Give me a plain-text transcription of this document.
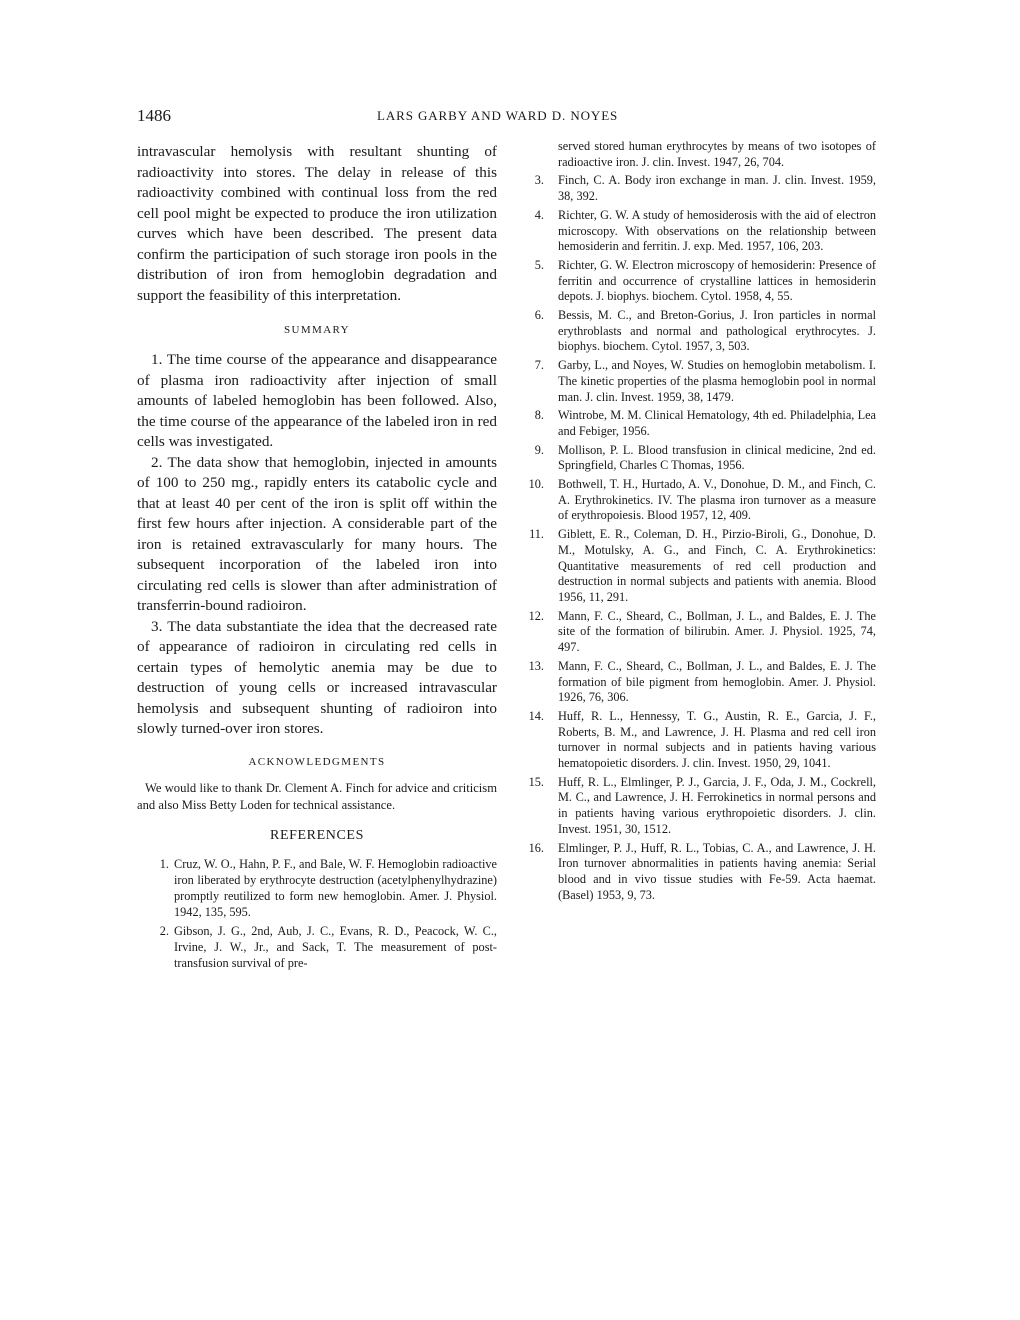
1486	LARS GARBY AND WARD D. NOYES

intravascular hemolysis with resultant shunting of radioactivity into stores. The delay in release of this radioactivity combined with continual loss from the red cell pool might be expected to produce the iron utilization curves which have been described. The present data confirm the participation of such storage iron pools in the distribution of iron from hemoglobin degradation and support the feasibility of this interpretation.

SUMMARY

1. The time course of the appearance and disappearance of plasma iron radioactivity after injection of small amounts of labeled hemoglobin has been followed. Also, the time course of the appearance of the labeled iron in red cells was investigated.

2. The data show that hemoglobin, injected in amounts of 100 to 250 mg., rapidly enters its catabolic cycle and that at least 40 per cent of the iron is split off within the first few hours after injection. A considerable part of the iron is retained extravascularly for many hours. The subsequent incorporation of the labeled iron into circulating red cells is slower than after administration of transferrin-bound radioiron.

3. The data substantiate the idea that the decreased rate of appearance of radioiron in circulating red cells in certain types of hemolytic anemia may be due to destruction of young cells or increased intravascular hemolysis and subsequent shunting of radioiron into slowly turned-over iron stores.

ACKNOWLEDGMENTS

We would like to thank Dr. Clement A. Finch for advice and criticism and also Miss Betty Loden for technical assistance.

REFERENCES

1. Cruz, W. O., Hahn, P. F., and Bale, W. F. Hemoglobin radioactive iron liberated by erythrocyte destruction (acetylphenylhydrazine) promptly reutilized to form new hemoglobin. Amer. J. Physiol. 1942, 135, 595.
2. Gibson, J. G., 2nd, Aub, J. C., Evans, R. D., Peacock, W. C., Irvine, J. W., Jr., and Sack, T. The measurement of post-transfusion survival of pre-

served stored human erythrocytes by means of two isotopes of radioactive iron. J. clin. Invest. 1947, 26, 704.

3. Finch, C. A. Body iron exchange in man. J. clin. Invest. 1959, 38, 392.
4. Richter, G. W. A study of hemosiderosis with the aid of electron microscopy. With observations on the relationship between hemosiderin and ferritin. J. exp. Med. 1957, 106, 203.
5. Richter, G. W. Electron microscopy of hemosiderin: Presence of ferritin and occurrence of crystalline lattices in hemosiderin depots. J. biophys. biochem. Cytol. 1958, 4, 55.
6. Bessis, M. C., and Breton-Gorius, J. Iron particles in normal erythroblasts and normal and pathological erythrocytes. J. biophys. biochem. Cytol. 1957, 3, 503.
7. Garby, L., and Noyes, W. Studies on hemoglobin metabolism. I. The kinetic properties of the plasma hemoglobin pool in normal man. J. clin. Invest. 1959, 38, 1479.
8. Wintrobe, M. M. Clinical Hematology, 4th ed. Philadelphia, Lea and Febiger, 1956.
9. Mollison, P. L. Blood transfusion in clinical medicine, 2nd ed. Springfield, Charles C Thomas, 1956.
10. Bothwell, T. H., Hurtado, A. V., Donohue, D. M., and Finch, C. A. Erythrokinetics. IV. The plasma iron turnover as a measure of erythropoiesis. Blood 1957, 12, 409.
11. Giblett, E. R., Coleman, D. H., Pirzio-Biroli, G., Donohue, D. M., Motulsky, A. G., and Finch, C. A. Erythrokinetics: Quantitative measurements of red cell production and destruction in normal subjects and patients with anemia. Blood 1956, 11, 291.
12. Mann, F. C., Sheard, C., Bollman, J. L., and Baldes, E. J. The site of the formation of bilirubin. Amer. J. Physiol. 1925, 74, 497.
13. Mann, F. C., Sheard, C., Bollman, J. L., and Baldes, E. J. The formation of bile pigment from hemoglobin. Amer. J. Physiol. 1926, 76, 306.
14. Huff, R. L., Hennessy, T. G., Austin, R. E., Garcia, J. F., Roberts, B. M., and Lawrence, J. H. Plasma and red cell iron turnover in normal subjects and in patients having various hematopoietic disorders. J. clin. Invest. 1950, 29, 1041.
15. Huff, R. L., Elmlinger, P. J., Garcia, J. F., Oda, J. M., Cockrell, M. C., and Lawrence, J. H. Ferrokinetics in normal persons and in patients having various erythropoietic disorders. J. clin. Invest. 1951, 30, 1512.
16. Elmlinger, P. J., Huff, R. L., Tobias, C. A., and Lawrence, J. H. Iron turnover abnormalities in patients having anemia: Serial blood and in vivo tissue studies with Fe-59. Acta haemat. (Basel) 1953, 9, 73.
